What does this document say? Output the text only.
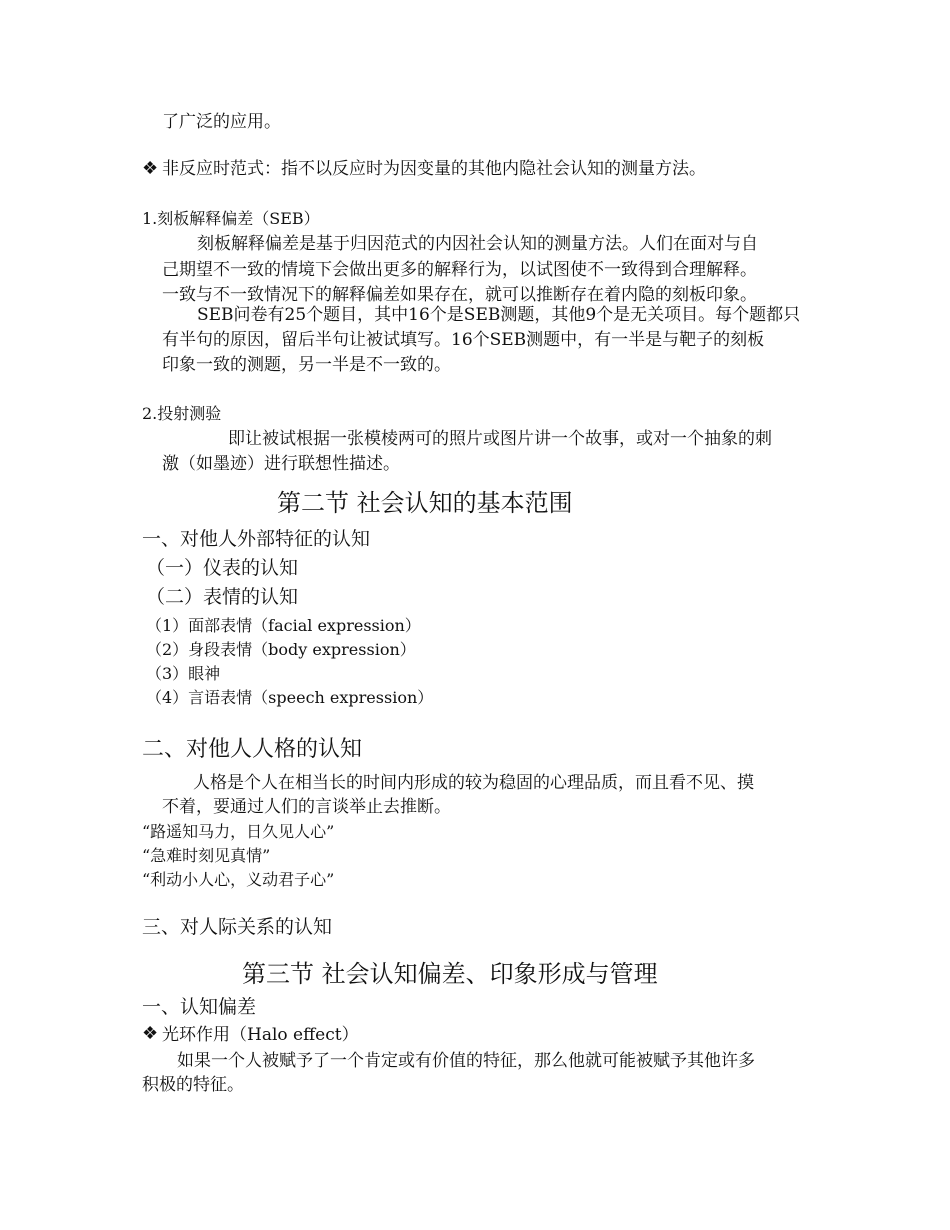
了广泛的应用。
❖ 非反应时范式：指不以反应时为因变量的其他内隐社会认知的测量方法。
1.刻板解释偏差（SEB）
刻板解释偏差是基于归因范式的内因社会认知的测量方法。人们在面对与自
己期望不一致的情境下会做出更多的解释行为，以试图使不一致得到合理解释。
一致与不一致情况下的解释偏差如果存在，就可以推断存在着内隐的刻板印象。
SEB问卷有25个题目，其中16个是SEB测题，其他9个是无关项目。每个题都只
有半句的原因，留后半句让被试填写。16个SEB测题中，有一半是与靶子的刻板
印象一致的测题，另一半是不一致的。
2.投射测验
即让被试根据一张模棱两可的照片或图片讲一个故事，或对一个抽象的刺
激（如墨迹）进行联想性描述。
第二节 社会认知的基本范围
一、对他人外部特征的认知
（一）仪表的认知
（二）表情的认知
（1）面部表情（facial expression）
（2）身段表情（body expression）
（3）眼神
（4）言语表情（speech expression）
二、对他人人格的认知
人格是个人在相当长的时间内形成的较为稳固的心理品质，而且看不见、摸
不着，要通过人们的言谈举止去推断。
“路遥知马力，日久见人心”
“急难时刻见真情”
“利动小人心，义动君子心”
三、对人际关系的认知
第三节 社会认知偏差、印象形成与管理
一、认知偏差
❖ 光环作用（Halo effect）
如果一个人被赋予了一个肯定或有价值的特征，那么他就可能被赋予其他许多
积极的特征。
